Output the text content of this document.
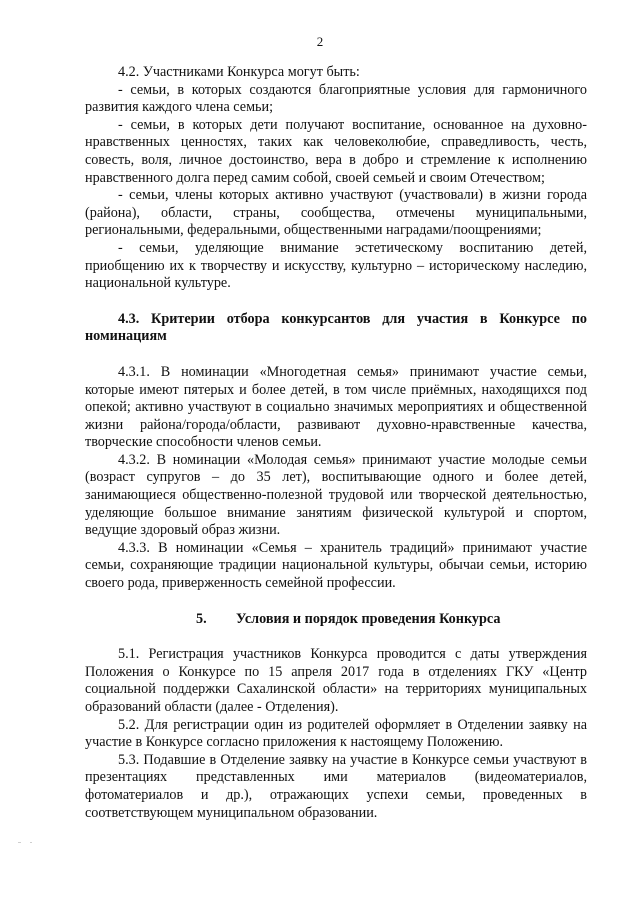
2

4.2. Участниками Конкурса могут быть:

- семьи, в которых создаются благоприятные условия для гармоничного развития каждого члена семьи;

- семьи, в которых дети получают воспитание, основанное на духовно-нравственных ценностях, таких как человеколюбие, справедливость, честь, совесть, воля, личное достоинство, вера в добро и стремление к исполнению нравственного долга перед самим собой, своей семьей и своим Отечеством;

- семьи, члены которых активно участвуют (участвовали) в жизни города (района), области, страны, сообщества, отмечены муниципальными, региональными, федеральными, общественными наградами/поощрениями;

- семьи, уделяющие внимание эстетическому воспитанию детей, приобщению их к творчеству и искусству, культурно – историческому наследию, национальной культуре.

4.3. Критерии отбора конкурсантов для участия в Конкурсе по номинациям

4.3.1. В номинации «Многодетная семья» принимают участие семьи, которые имеют пятерых и более детей, в том числе приёмных, находящихся под опекой; активно участвуют в социально значимых мероприятиях и общественной жизни района/города/области, развивают духовно-нравственные качества, творческие способности членов семьи.

4.3.2. В номинации «Молодая семья» принимают участие молодые семьи (возраст супругов – до 35 лет), воспитывающие одного и более детей, занимающиеся общественно-полезной трудовой или творческой деятельностью, уделяющие большое внимание занятиям физической культурой и спортом, ведущие здоровый образ жизни.

4.3.3. В номинации «Семья – хранитель традиций» принимают участие семьи, сохраняющие традиции национальной культуры, обычаи семьи, историю своего рода, приверженность семейной профессии.

5. Условия и порядок проведения Конкурса

5.1. Регистрация участников Конкурса проводится с даты утверждения Положения о Конкурсе по 15 апреля 2017 года в отделениях ГКУ «Центр социальной поддержки Сахалинской области» на территориях муниципальных образований области (далее - Отделения).

5.2. Для регистрации один из родителей оформляет в Отделении заявку на участие в Конкурсе согласно приложения к настоящему Положению.

5.3. Подавшие в Отделение заявку на участие в Конкурсе семьи участвуют в презентациях представленных ими материалов (видеоматериалов, фотоматериалов и др.), отражающих успехи семьи, проведенных в соответствующем муниципальном образовании.
